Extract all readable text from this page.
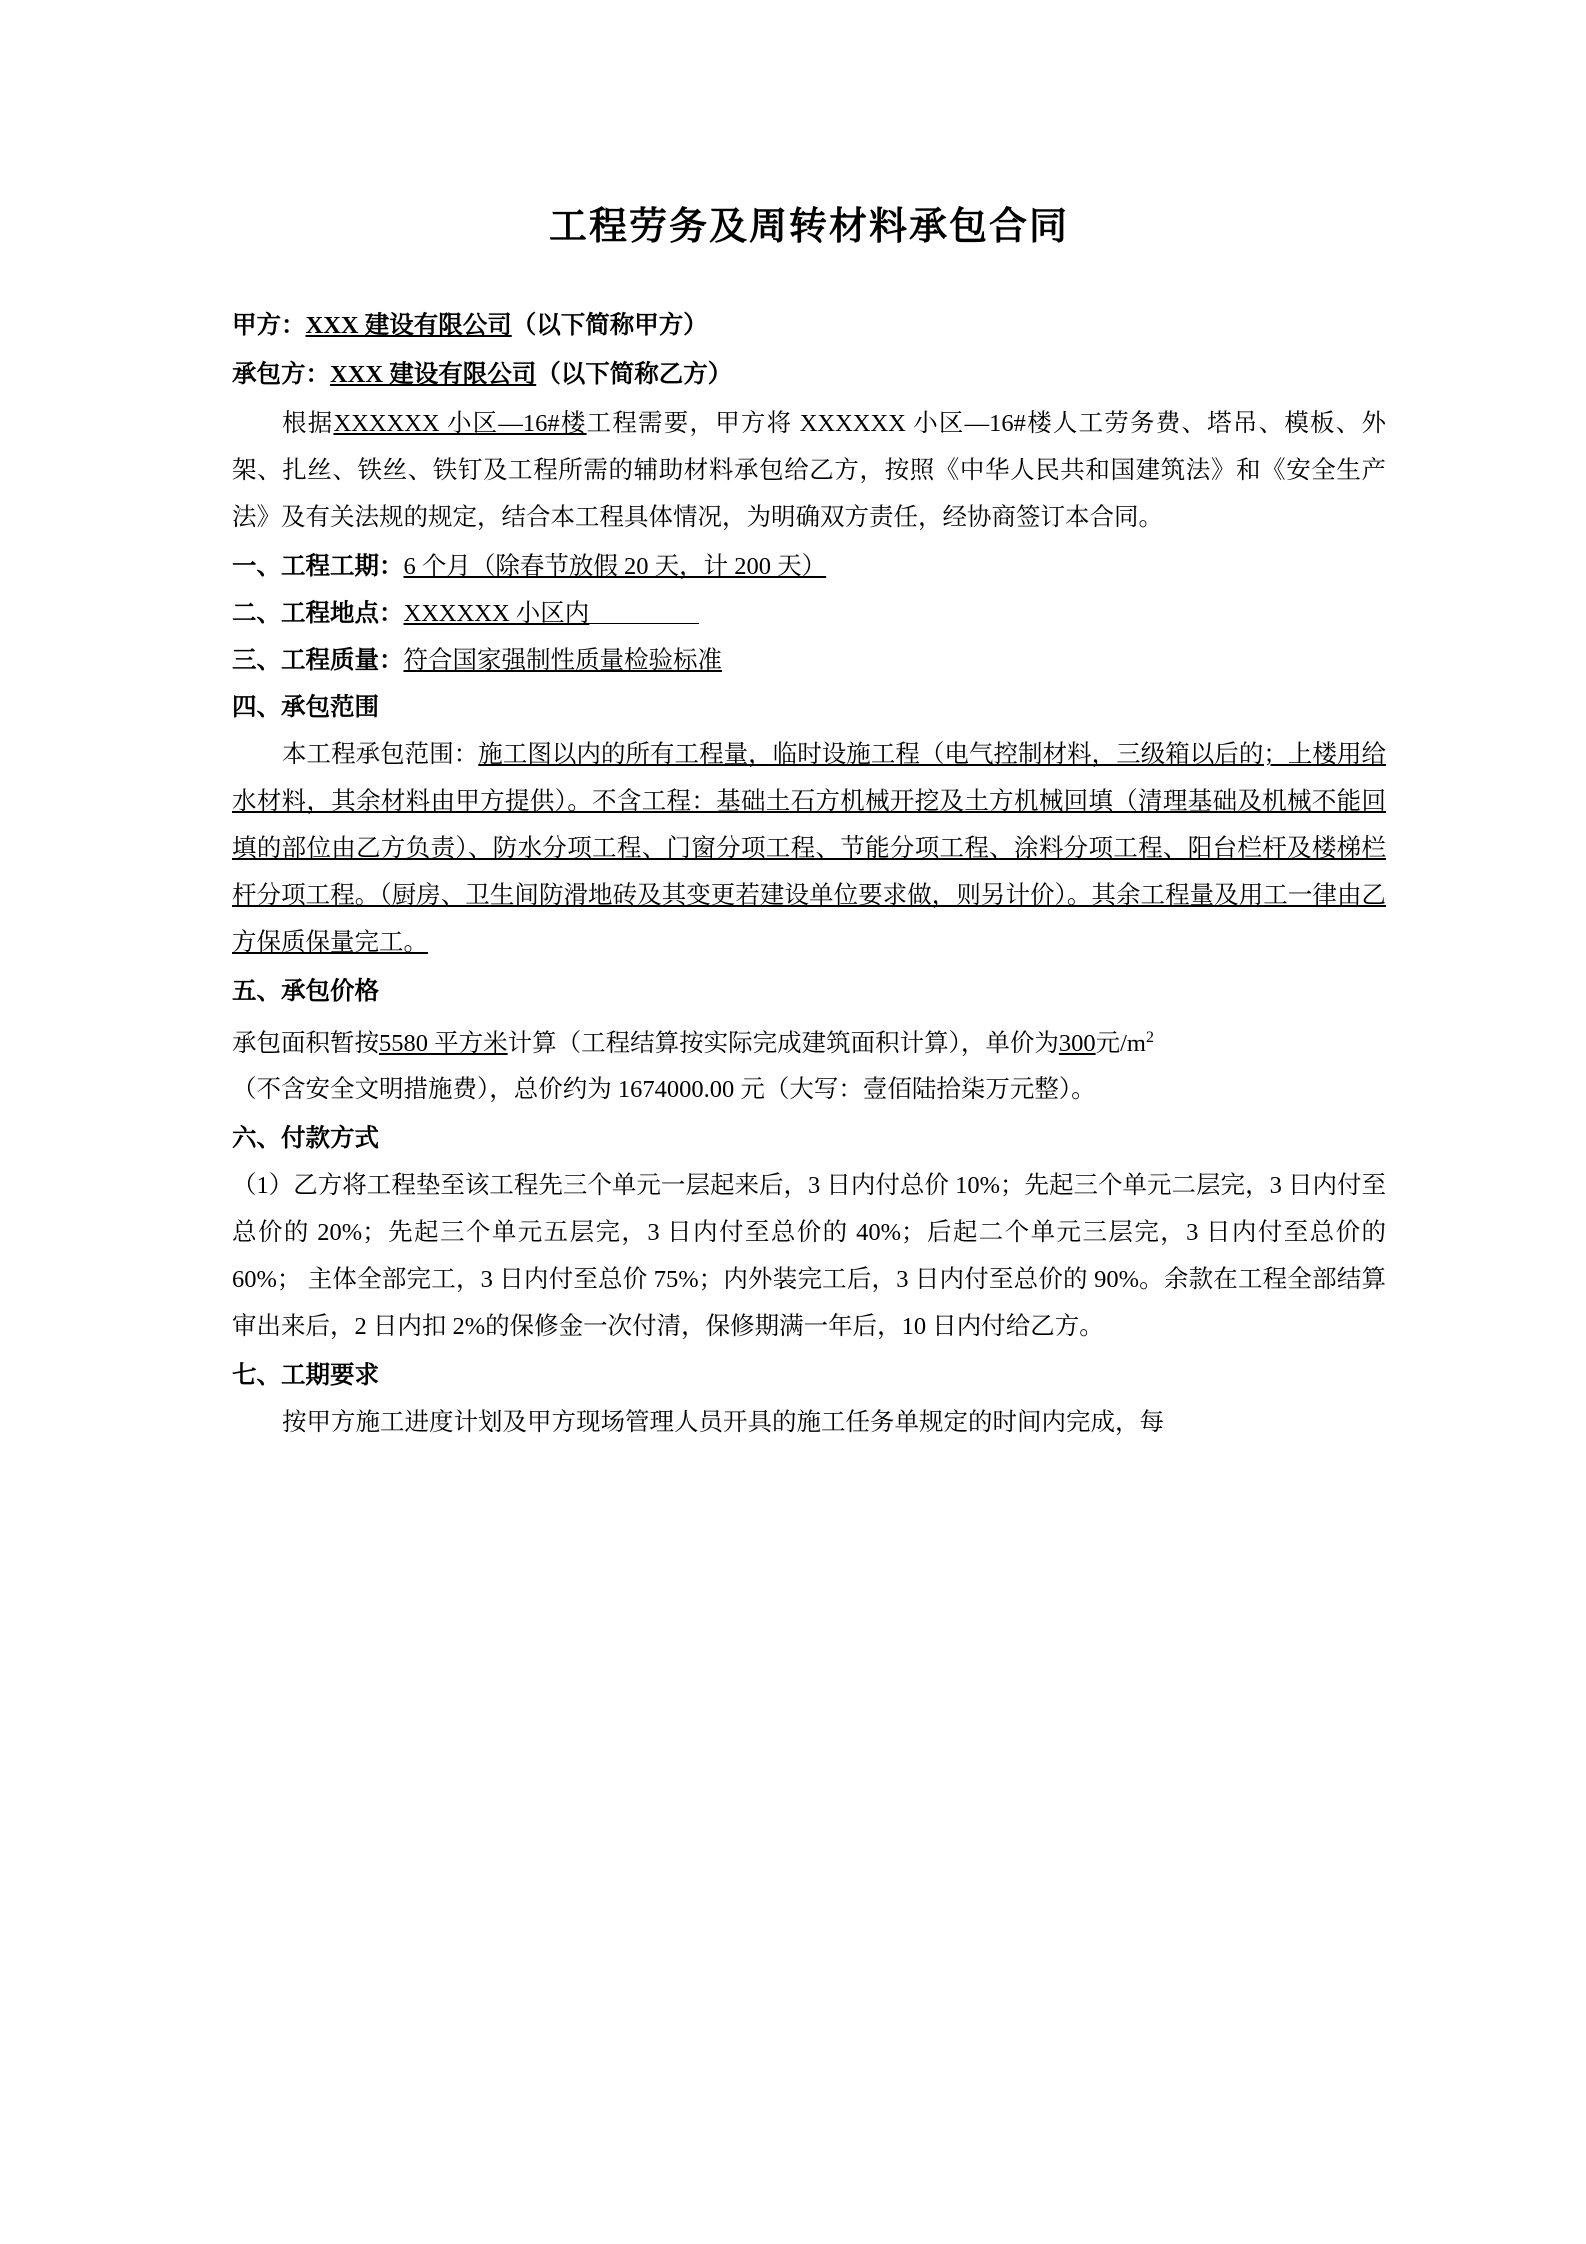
工程劳务及周转材料承包合同

甲方：XXX 建设有限公司（以下简称甲方）

承包方：XXX 建设有限公司（以下简称乙方）

根据XXXXXX 小区—16#楼工程需要，甲方将 XXXXXX 小区—16#楼人工劳务费、塔吊、模板、外架、扎丝、铁丝、铁钉及工程所需的辅助材料承包给乙方，按照《中华人民共和国建筑法》和《安全生产法》及有关法规的规定，结合本工程具体情况，为明确双方责任，经协商签订本合同。

一、工程工期：6 个月（除春节放假 20 天，计 200 天）

二、工程地点：XXXXXX 小区内

三、工程质量：符合国家强制性质量检验标准

四、承包范围

本工程承包范围：施工图以内的所有工程量，临时设施工程（电气控制材料，三级箱以后的；上楼用给水材料，其余材料由甲方提供）。不含工程：基础土石方机械开挖及土方机械回填（清理基础及机械不能回填的部位由乙方负责）、防水分项工程、门窗分项工程、节能分项工程、涂料分项工程、阳台栏杆及楼梯栏杆分项工程。（厨房、卫生间防滑地砖及其变更若建设单位要求做，则另计价）。其余工程量及用工一律由乙方保质保量完工。

五、承包价格

承包面积暂按5580 平方米计算（工程结算按实际完成建筑面积计算），单价为300元$/m^2$
（不含安全文明措施费），总价约为 1674000.00 元（大写：壹佰陆拾柒万元整）。

六、付款方式

（1）乙方将工程垫至该工程先三个单元一层起来后，3 日内付总价 10%；先起三个单元二层完，3 日内付至总价的 20%；先起三个单元五层完，3 日内付至总价的 40%；后起二个单元三层完，3 日内付至总价的 60%； 主体全部完工，3 日内付至总价 75%；内外装完工后，3 日内付至总价的 90%。余款在工程全部结算审出来后，2 日内扣 2%的保修金一次付清，保修期满一年后，10 日内付给乙方。

七、工期要求

按甲方施工进度计划及甲方现场管理人员开具的施工任务单规定的时间内完成，每
